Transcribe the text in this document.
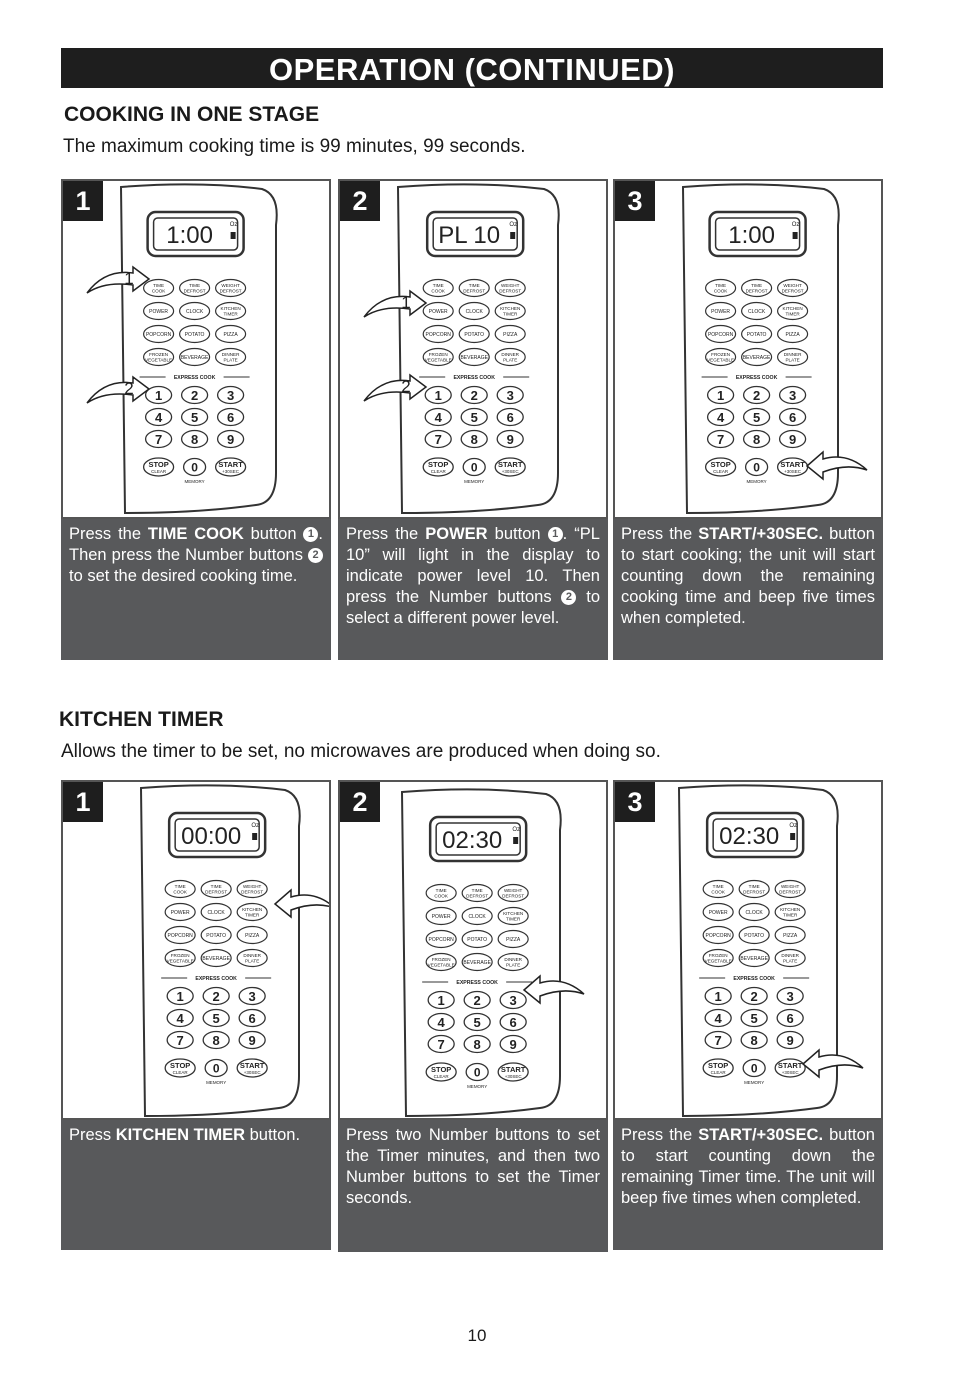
OPERATION (CONTINUED)
COOKING IN ONE STAGE
The maximum cooking time is 99 minutes, 99 seconds.
1
1:00	Oz
TIME
COOK
TIME
DEFROST
WEIGHT
DEFROST
POWER	CLOCK
KITCHEN
TIMER
POPCORN	POTATO	PIZZA
FROZEN
VEGETABLE BEVERAGE
DINNER
PLATE
EXPRESS COOK
1 2 3
4 5 6
7 8 9
STOP
CLEAR 0
MEMORY
START
+30SEC
1
2
2
PL 10 Oz
TIME
COOK
TIME
DEFROST
WEIGHT
DEFROST
POWER	CLOCK
KITCHEN
TIMER
POPCORN	POTATO	PIZZA
FROZEN
VEGETABLE BEVERAGE
DINNER
PLATE
EXPRESS COOK
1 2 3
4 5 6
7 8 9
STOP
CLEAR 0
MEMORY
START
+30SEC
1
2
3
1:00	Oz
TIME
COOK
TIME
DEFROST
WEIGHT
DEFROST
POWER	CLOCK
KITCHEN
TIMER
POPCORN	POTATO	PIZZA
FROZEN
VEGETABLE BEVERAGE
DINNER
PLATE
EXPRESS COOK
1 2 3
4 5 6
7 8 9
STOP
CLEAR 0
MEMORY
START
+30SEC
Press the TIME COOK button 1 . Then press the Number buttons 2 to set the desired cooking time.
Press the POWER button 1 . “PL 10” will light in the display to indicate power level 10. Then press the Number buttons 2 to select a different power level.
Press the START/+30SEC. button to start cooking; the unit will start counting down the remaining cooking time and beep five times when completed.
KITCHEN TIMER
Allows the timer to be set, no microwaves are produced when doing so.
1
00:00 Oz
TIME
COOK
TIME
DEFROST
WEIGHT
DEFROST
POWER	CLOCK
KITCHEN
TIMER
POPCORN	POTATO	PIZZA
FROZEN
VEGETABLE BEVERAGE
DINNER
PLATE
EXPRESS COOK
1 2 3
4 5 6
7 8 9
STOP
CLEAR 0
MEMORY
START
+30SEC
2
02:30 Oz
TIME
COOK
TIME
DEFROST
WEIGHT
DEFROST
POWER	CLOCK
KITCHEN
TIMER
POPCORN	POTATO	PIZZA
FROZEN
VEGETABLE BEVERAGE
DINNER
PLATE
EXPRESS COOK
1 2 3
4 5 6
7 8 9
STOP
CLEAR 0
MEMORY
START
+30SEC
3
02:30 Oz
TIME
COOK
TIME
DEFROST
WEIGHT
DEFROST
POWER	CLOCK
KITCHEN
TIMER
POPCORN	POTATO	PIZZA
FROZEN
VEGETABLE BEVERAGE
DINNER
PLATE
EXPRESS COOK
1 2 3
4 5 6
7 8 9
STOP
CLEAR 0
MEMORY
START
+30SEC
Press KITCHEN TIMER button.	Press two Number buttons to set the Timer minutes, and then two Number buttons to set the Timer seconds.
Press the START/+30SEC. button to start counting down the remaining Timer time. The unit will beep five times when completed.
10
